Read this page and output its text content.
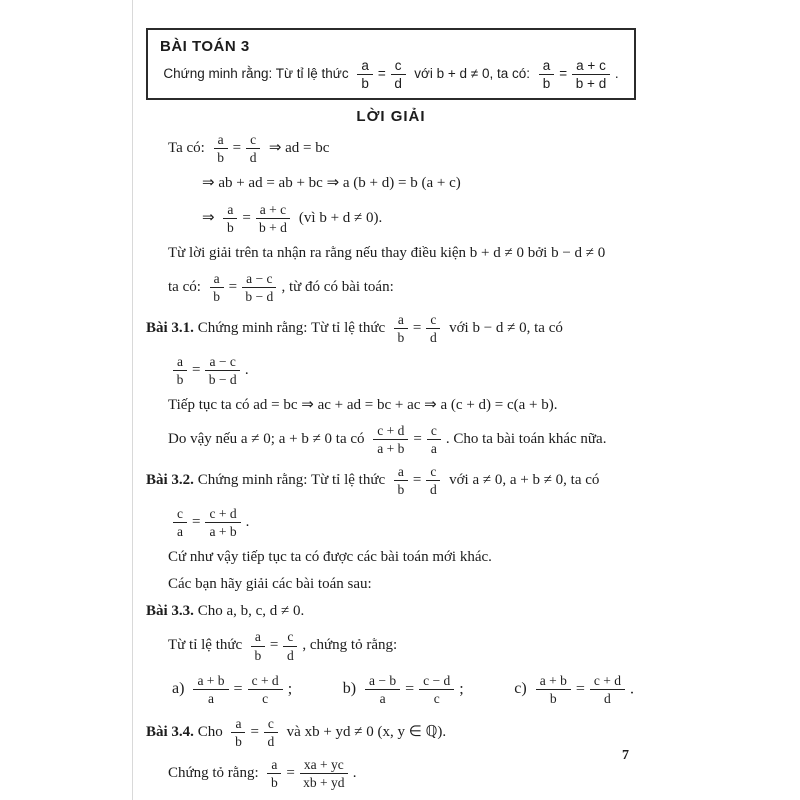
BÀI TOÁN 3
Chứng minh rằng: Từ tỉ lệ thức $\frac{a}{b} = \frac{c}{d}$ với b + d ≠ 0, ta có: $\frac{a}{b} = \frac{a + c}{b + d}$ .
LỜI GIẢI
Ta có: $\frac{a}{b} = \frac{c}{d}$ ⇒ ad = bc
⇒ ab + ad = ab + bc ⇒ a (b + d) = b (a + c)
⇒ $\frac{a}{b} = \frac{a + c}{b + d}$ (vì b + d ≠ 0).
Từ lời giải trên ta nhận ra rằng nếu thay điều kiện b + d ≠ 0 bởi b − d ≠ 0
ta có: $\frac{a}{b} = \frac{a - c}{b - d}$ , từ đó có bài toán:
Bài 3.1. Chứng minh rằng: Từ tỉ lệ thức $\frac{a}{b} = \frac{c}{d}$ với b − d ≠ 0, ta có
$\frac{a}{b} = \frac{a - c}{b - d}$ .
Tiếp tục ta có ad = bc ⇒ ac + ad = bc + ac ⇒ a (c + d) = c(a + b).
Do vậy nếu a ≠ 0; a + b ≠ 0 ta có $\frac{c + d}{a + b} = \frac{c}{a}$ . Cho ta bài toán khác nữa.
Bài 3.2. Chứng minh rằng: Từ tỉ lệ thức $\frac{a}{b} = \frac{c}{d}$ với a ≠ 0, a + b ≠ 0, ta có
$\frac{c}{a} = \frac{c + d}{a + b}$ .
Cứ như vậy tiếp tục ta có được các bài toán mới khác.
Các bạn hãy giải các bài toán sau:
Bài 3.3. Cho a, b, c, d ≠ 0.
Từ tỉ lệ thức $\frac{a}{b} = \frac{c}{d}$ , chứng tỏ rằng:
$a) \frac{a + b}{a} = \frac{c + d}{c}$ ;	$b) \frac{a - b}{a} = \frac{c - d}{c}$ ;	$c) \frac{a + b}{b} = \frac{c + d}{d}$ .
Bài 3.4. Cho $\frac{a}{b} = \frac{c}{d}$ và xb + yd ≠ 0 (x, y ∈ ℚ).
Chứng tỏ rằng: $\frac{a}{b} = \frac{xa + yc}{xb + yd}$ .
7
